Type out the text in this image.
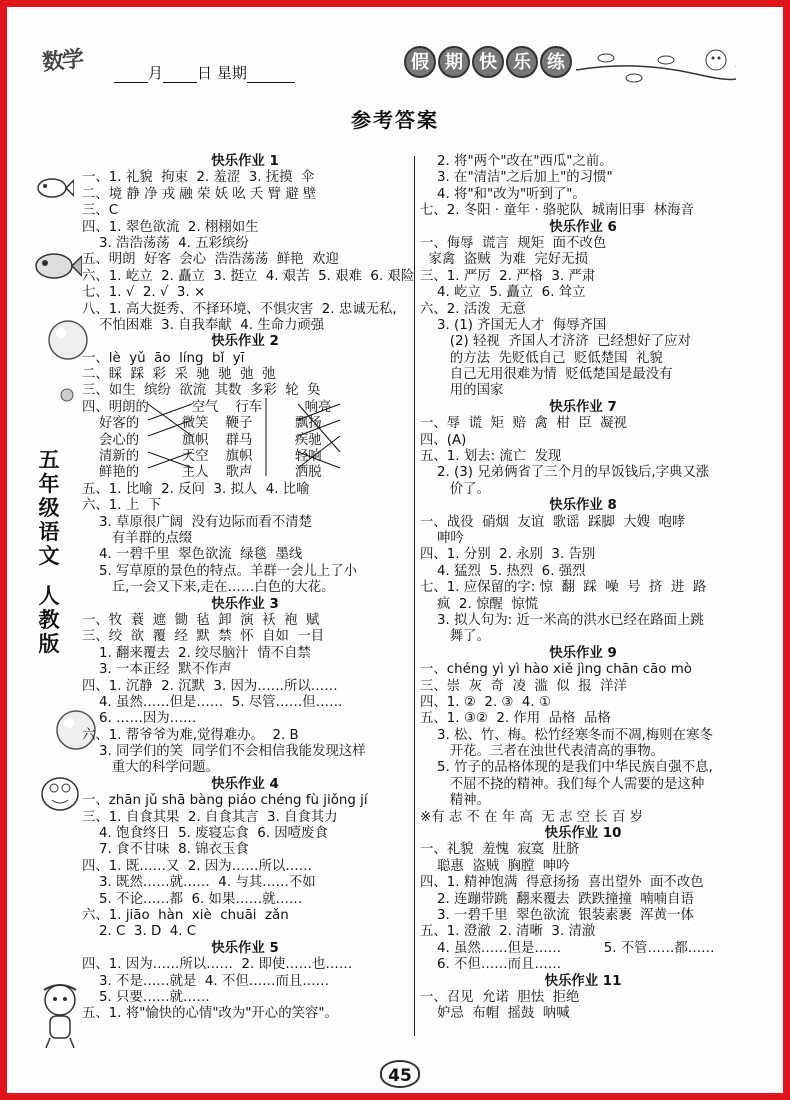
数学	月 日 星期	假 期 快 乐 练
参考答案
五
年
级
语
文
人
教
版
快乐作业 1
一、1. 礼貌  拘束  2. 羞涩  3. 抚摸  伞
二、境 静 净 戎 融 荣 妖 吆 夭 臂 避 壁
三、C
四、1. 翠色欲流  2. 栩栩如生
3. 浩浩荡荡  4. 五彩缤纷
五、明朗  好客  会心  浩浩荡荡  鲜艳  欢迎
六、1. 屹立  2. 矗立  3. 挺立  4. 艰苦  5. 艰难  6. 艰险
七、1. √  2. √  3. ×
八、1. 高大挺秀、不择环境、不惧灾害  2. 忠诚无私,
不怕困难  3. 自我奉献  4. 生命力顽强
快乐作业 2
一、lè  yǔ  āo  líng  bǐ  yī
二、睬  踩  彩  采  驰  驰  弛  弛
三、如生  缤纷  欲流  其数  多彩  轮  奂
四、明朗的          空气    行车          响亮
好客的          微笑    鞭子          飘扬
会心的          旗帜    群马          疾驰
清新的          天空    旗帜          轻响
鲜艳的          主人    歌声          洒脱
五、1. 比喻  2. 反问  3. 拟人  4. 比喻
六、1. 上  下
3. 草原很广阔  没有边际而看不清楚
有羊群的点缀
4. 一碧千里  翠色欲流  绿毯  墨线
5. 写草原的景色的特点。羊群一会儿上了小
丘,一会又下来,走在……白色的大花。
快乐作业 3
一、牧  蓑  遮  锄  毡  卸  演  袄  袍  赋
三、绞  欲  覆  经  默  禁  怀  自如  一目
1. 翻来覆去  2. 绞尽脑汁  情不自禁
3. 一本正经  默不作声
四、1. 沉静  2. 沉默  3. 因为……所以……
4. 虽然……但是……  5. 尽管……但……
6. ……因为……
六、1. 帮爷爷为难,觉得难办。  2. B
3. 同学们的笑  同学们不会相信我能发现这样
重大的科学问题。
快乐作业 4
一、zhān jǔ shā bàng piáo chéng fù jiǒng jí
三、1. 自食其果  2. 自食其言  3. 自食其力
4. 饱食终日  5. 废寝忘食  6. 因噎废食
7. 食不甘味  8. 锦衣玉食
四、1. 既……又  2. 因为……所以……
3. 既然……就……  4. 与其……不如
5. 不论……都  6. 如果……就……
六、1. jiāo  hàn  xiè  chuāi  zǎn
2. C  3. D  4. C
快乐作业 5
四、1. 因为……所以……  2. 即使……也……
3. 不是……就是  4. 不但……而且……
5. 只要……就……
五、1. 将"愉快的心情"改为"开心的笑容"。
2. 将"两个"改在"西瓜"之前。
3. 在"清洁"之后加上"的习惯"
4. 将"和"改为"听到了"。
七、2. 冬阳 · 童年 · 骆驼队  城南旧事  林海音
快乐作业 6
一、侮辱  谎言  规矩  面不改色
家禽  盗贼  为难  完好无损
三、1. 严厉  2. 严格  3. 严肃
4. 屹立  5. 矗立  6. 耸立
六、2. 活泼  无意
3. (1) 齐国无人才  侮辱齐国
(2) 轻视  齐国人才济济  已经想好了应对
的方法  先贬低自己  贬低楚国  礼貌
自己无用很难为情  贬低楚国是最没有
用的国家
快乐作业 7
一、辱  谎  矩  赔  禽  柑  臣  凝视
四、(A)
五、1. 划去: 流亡  发现
2. (3) 兄弟俩省了三个月的早饭钱后,字典又涨
价了。
快乐作业 8
一、战役  硝烟  友谊  歌谣  踩脚  大嫂  咆哮
呻吟
四、1. 分别  2. 永别  3. 告别
4. 猛烈  5. 热烈  6. 强烈
七、1. 应保留的字: 惊  翻  踩  噪  号  挤  进  路
疯  2. 惊醒  惊慌
3. 拟人句为: 近一米高的洪水已经在路面上跳
舞了。
快乐作业 9
一、chéng yì yì hào xiě jìng chān cāo mò
三、崇  灰  奇  凌  滥  似  报  洋洋
四、1. ②  2. ③  4. ①
五、1. ③②  2. 作用  品格  品格
3. 松、竹、梅。松竹经寒冬而不凋,梅则在寒冬
开花。三者在浊世代表清高的事物。
5. 竹子的品格体现的是我们中华民族自强不息,
不屈不挠的精神。我们每个人需要的是这种
精神。
※有 志 不 在 年 高  无 志 空 长 百 岁
快乐作业 10
一、礼貌  羞愧  寂寞  肚脐
聪惠  盗贼  胸膛  呻吟
四、1. 精神饱满  得意扬扬  喜出望外  面不改色
2. 连蹦带跳  翻来覆去  跌跌撞撞  喃喃自语
3. 一碧千里  翠色欲流  银装素裹  浑黄一体
五、1. 澄澈  2. 清晰  3. 清澈
4. 虽然……但是……          5. 不管……都……
6. 不但……而且……
快乐作业 11
一、召见  允诺  胆怯  拒绝
妒忌  布帽  摇鼓  呐喊
45
